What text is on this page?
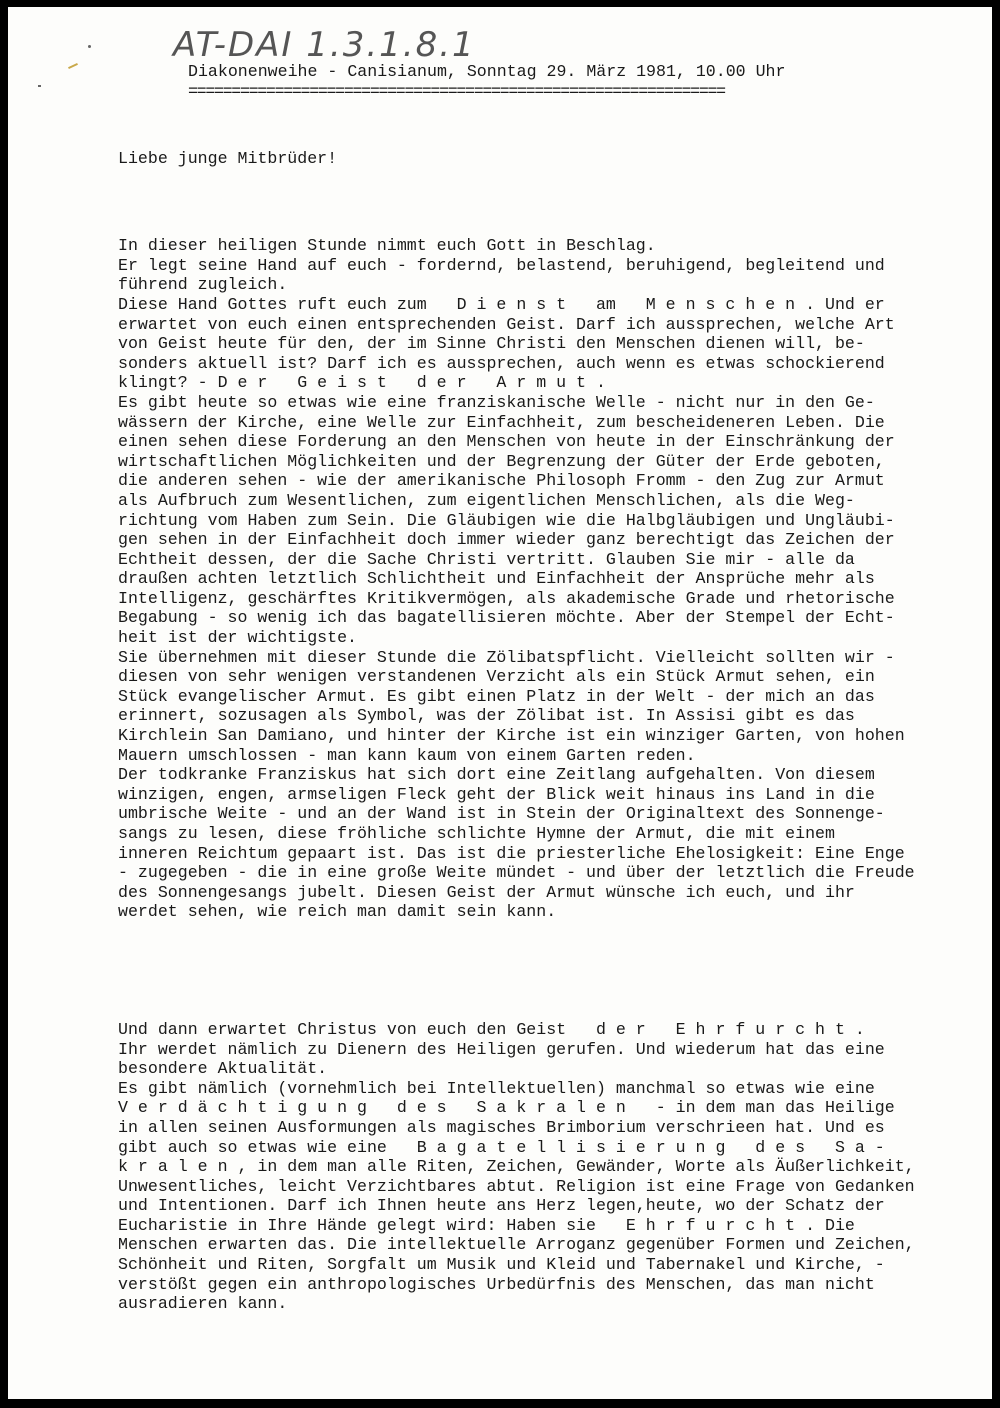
AT-DAI 1.3.1.8.1
Diakonenweihe - Canisianum, Sonntag 29. März 1981, 10.00 Uhr
==============================================================
Liebe junge Mitbrüder!

In dieser heiligen Stunde nimmt euch Gott in Beschlag.
Er legt seine Hand auf euch - fordernd, belastend, beruhigend, begleitend und
führend zugleich.
Diese Hand Gottes ruft euch zum   D i e n s t   am   M e n s c h e n . Und er
erwartet von euch einen entsprechenden Geist. Darf ich aussprechen, welche Art
von Geist heute für den, der im Sinne Christi den Menschen dienen will, be-
sonders aktuell ist? Darf ich es aussprechen, auch wenn es etwas schockierend
klingt? - D e r   G e i s t   d e r   A r m u t .
Es gibt heute so etwas wie eine franziskanische Welle - nicht nur in den Ge-
wässern der Kirche, eine Welle zur Einfachheit, zum bescheideneren Leben. Die
einen sehen diese Forderung an den Menschen von heute in der Einschränkung der
wirtschaftlichen Möglichkeiten und der Begrenzung der Güter der Erde geboten,
die anderen sehen - wie der amerikanische Philosoph Fromm - den Zug zur Armut
als Aufbruch zum Wesentlichen, zum eigentlichen Menschlichen, als die Weg-
richtung vom Haben zum Sein. Die Gläubigen wie die Halbgläubigen und Ungläubi-
gen sehen in der Einfachheit doch immer wieder ganz berechtigt das Zeichen der
Echtheit dessen, der die Sache Christi vertritt. Glauben Sie mir - alle da
draußen achten letztlich Schlichtheit und Einfachheit der Ansprüche mehr als
Intelligenz, geschärftes Kritikvermögen, als akademische Grade und rhetorische
Begabung - so wenig ich das bagatellisieren möchte. Aber der Stempel der Echt-
heit ist der wichtigste.
Sie übernehmen mit dieser Stunde die Zölibatspflicht. Vielleicht sollten wir -
diesen von sehr wenigen verstandenen Verzicht als ein Stück Armut sehen, ein
Stück evangelischer Armut. Es gibt einen Platz in der Welt - der mich an das
erinnert, sozusagen als Symbol, was der Zölibat ist. In Assisi gibt es das
Kirchlein San Damiano, und hinter der Kirche ist ein winziger Garten, von hohen
Mauern umschlossen - man kann kaum von einem Garten reden.
Der todkranke Franziskus hat sich dort eine Zeitlang aufgehalten. Von diesem
winzigen, engen, armseligen Fleck geht der Blick weit hinaus ins Land in die
umbrische Weite - und an der Wand ist in Stein der Originaltext des Sonnenge-
sangs zu lesen, diese fröhliche schlichte Hymne der Armut, die mit einem
inneren Reichtum gepaart ist. Das ist die priesterliche Ehelosigkeit: Eine Enge
- zugegeben - die in eine große Weite mündet - und über der letztlich die Freude
des Sonnengesangs jubelt. Diesen Geist der Armut wünsche ich euch, und ihr
werdet sehen, wie reich man damit sein kann.

Und dann erwartet Christus von euch den Geist   d e r   E h r f u r c h t .
Ihr werdet nämlich zu Dienern des Heiligen gerufen. Und wiederum hat das eine
besondere Aktualität.
Es gibt nämlich (vornehmlich bei Intellektuellen) manchmal so etwas wie eine
V e r d ä c h t i g u n g   d e s   S a k r a l e n   - in dem man das Heilige
in allen seinen Ausformungen als magisches Brimborium verschrieen hat. Und es
gibt auch so etwas wie eine   B a g a t e l l i s i e r u n g   d e s   S a -
k r a l e n , in dem man alle Riten, Zeichen, Gewänder, Worte als Äußerlichkeit,
Unwesentliches, leicht Verzichtbares abtut. Religion ist eine Frage von Gedanken
und Intentionen. Darf ich Ihnen heute ans Herz legen,heute, wo der Schatz der
Eucharistie in Ihre Hände gelegt wird: Haben sie   E h r f u r c h t . Die
Menschen erwarten das. Die intellektuelle Arroganz gegenüber Formen und Zeichen,
Schönheit und Riten, Sorgfalt um Musik und Kleid und Tabernakel und Kirche, -
verstößt gegen ein anthropologisches Urbedürfnis des Menschen, das man nicht
ausradieren kann.
